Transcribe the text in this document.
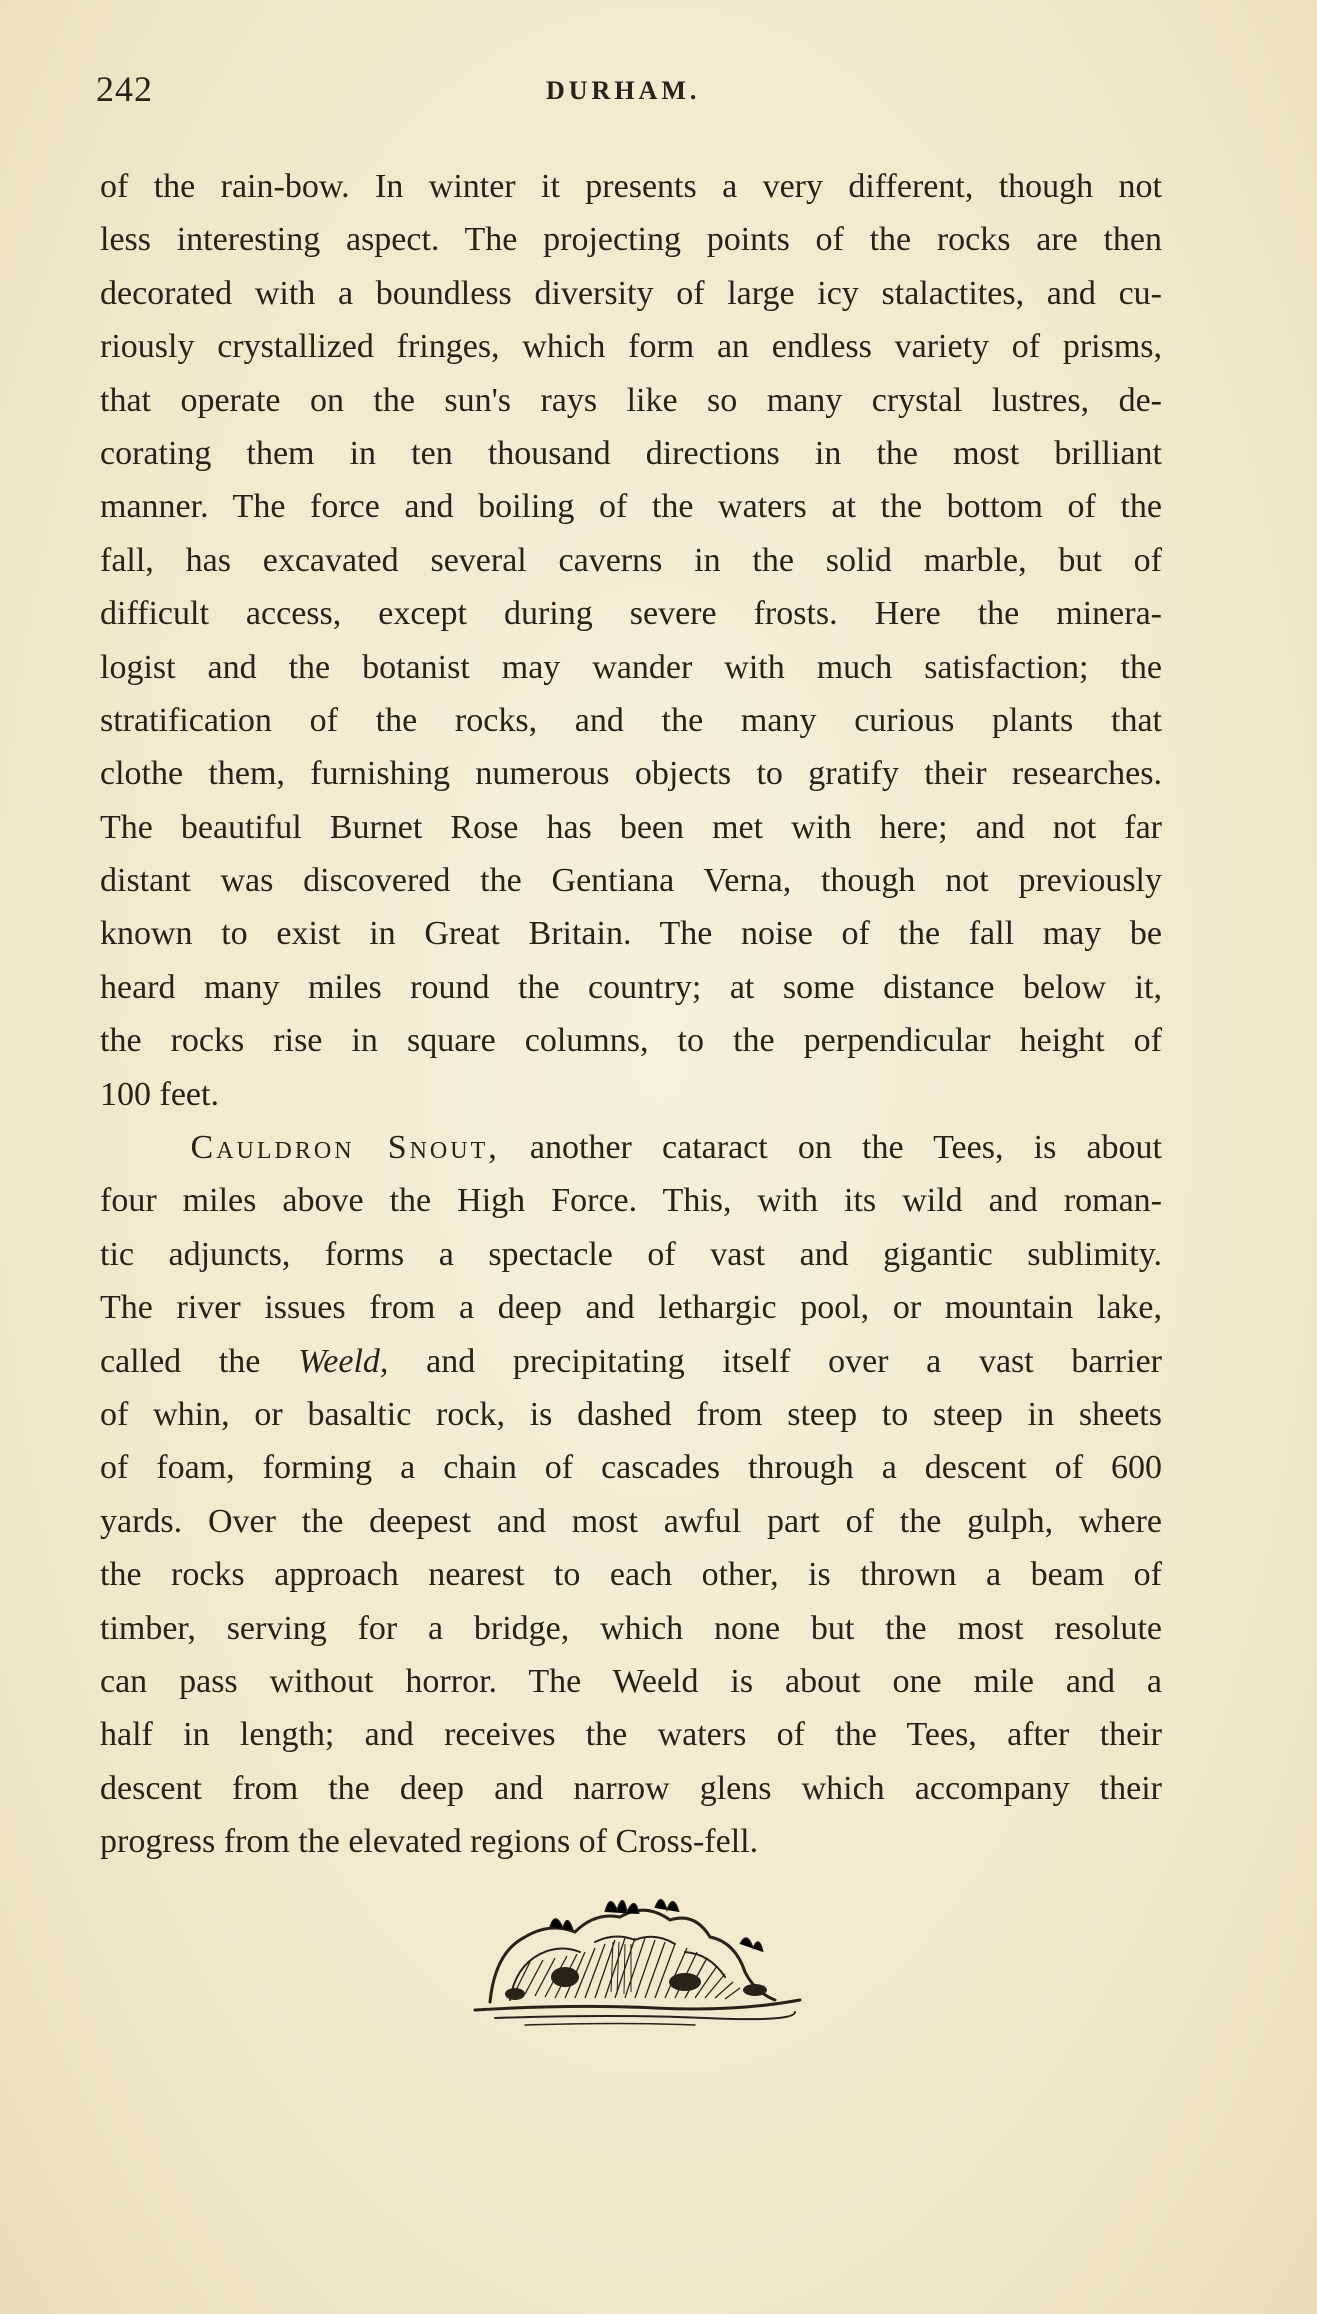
242	DURHAM.
of the rain-bow. In winter it presents a very different, though not
less interesting aspect. The projecting points of the rocks are then
decorated with a boundless diversity of large icy stalactites, and cu-
riously crystallized fringes, which form an endless variety of prisms,
that operate on the sun's rays like so many crystal lustres, de-
corating them in ten thousand directions in the most brilliant
manner. The force and boiling of the waters at the bottom of the
fall, has excavated several caverns in the solid marble, but of
difficult access, except during severe frosts. Here the minera-
logist and the botanist may wander with much satisfaction; the
stratification of the rocks, and the many curious plants that
clothe them, furnishing numerous objects to gratify their researches.
The beautiful Burnet Rose has been met with here; and not far
distant was discovered the Gentiana Verna, though not previously
known to exist in Great Britain. The noise of the fall may be
heard many miles round the country; at some distance below it,
the rocks rise in square columns, to the perpendicular height of
100 feet.
Cauldron Snout, another cataract on the Tees, is about
four miles above the High Force. This, with its wild and roman-
tic adjuncts, forms a spectacle of vast and gigantic sublimity.
The river issues from a deep and lethargic pool, or mountain lake,
called the Weeld, and precipitating itself over a vast barrier
of whin, or basaltic rock, is dashed from steep to steep in sheets
of foam, forming a chain of cascades through a descent of 600
yards. Over the deepest and most awful part of the gulph, where
the rocks approach nearest to each other, is thrown a beam of
timber, serving for a bridge, which none but the most resolute
can pass without horror. The Weeld is about one mile and a
half in length; and receives the waters of the Tees, after their
descent from the deep and narrow glens which accompany their
progress from the elevated regions of Cross-fell.
